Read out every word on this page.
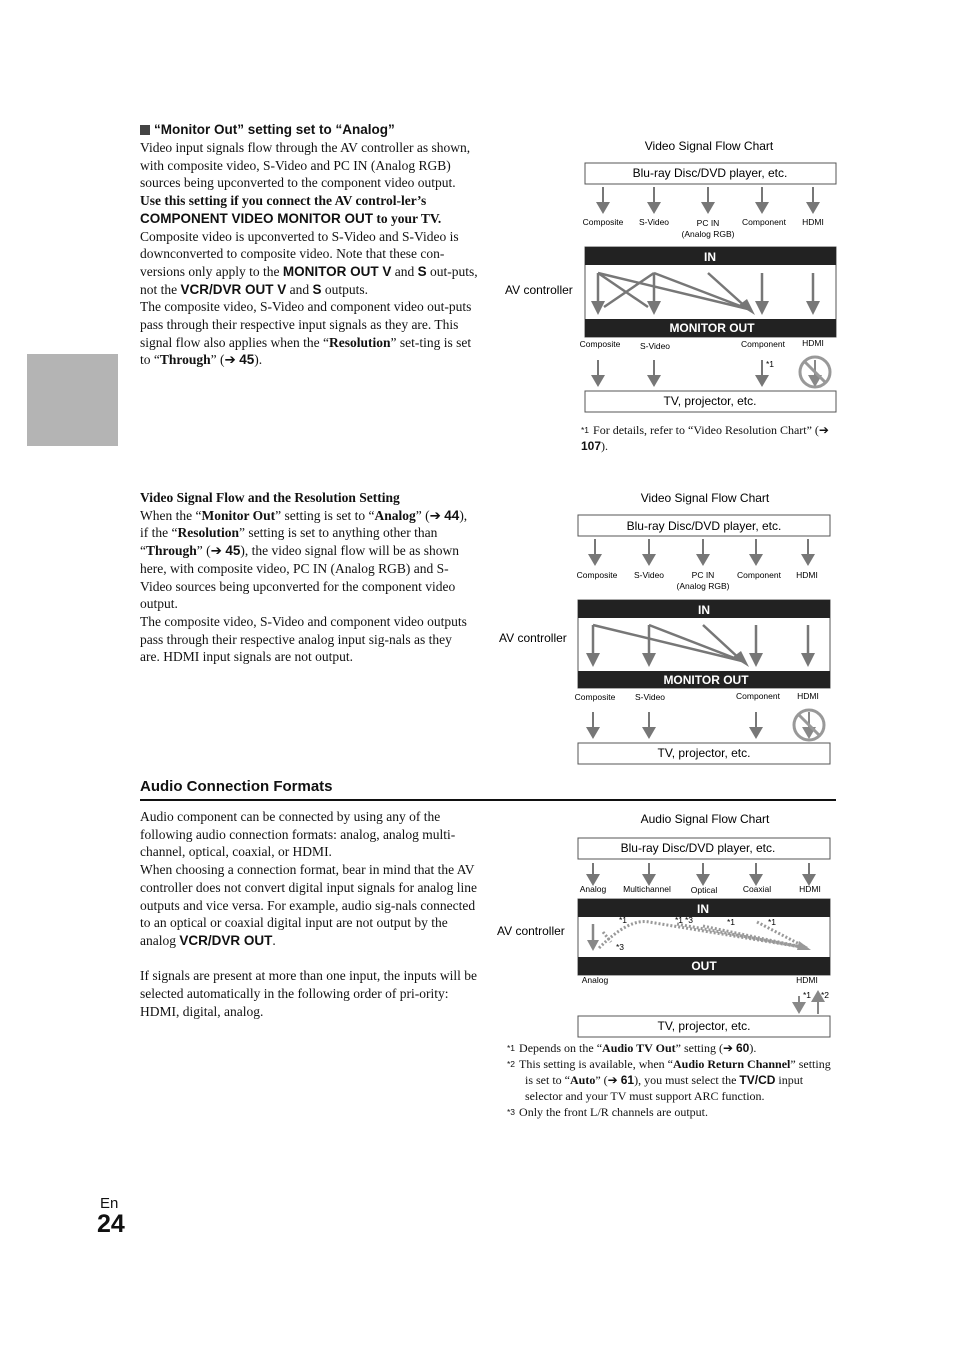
“Monitor Out” setting set to “Analog”

Video input signals flow through the AV controller as shown, with composite video, S-Video and PC IN (Analog RGB) sources being upconverted to the component video output. Use this setting if you connect the AV control-ler’s COMPONENT VIDEO MONITOR OUT to your TV.

Composite video is upconverted to S-Video and S-Video is downconverted to composite video. Note that these con-versions only apply to the MONITOR OUT V and S out-puts, not the VCR/DVR OUT V and S outputs.

The composite video, S-Video and component video out-puts pass through their respective input signals as they are. This signal flow also applies when the “Resolution” set-ting is set to “Through” (➔ 45).

Video Signal Flow and the Resolution Setting

When the “Monitor Out” setting is set to “Analog” (➔ 44), if the “Resolution” setting is set to anything other than “Through” (➔ 45), the video signal flow will be as shown here, with composite video, PC IN (Analog RGB) and S-Video sources being upconverted for the component video output.

The composite video, S-Video and component video outputs pass through their respective analog input sig-nals as they are. HDMI input signals are not output.

Audio Connection Formats

Audio component can be connected by using any of the following audio connection formats: analog, analog multi-channel, optical, coaxial, or HDMI.

When choosing a connection format, bear in mind that the AV controller does not convert digital input signals for analog line outputs and vice versa. For example, audio sig-nals connected to an optical or coaxial digital input are not output by the analog VCR/DVR OUT.

If signals are present at more than one input, the inputs will be selected automatically in the following order of pri-ority: HDMI, digital, analog.

Video Signal Flow Chart
Blu-ray Disc/DVD player, etc.
Composite S-Video	PC IN
(Analog RGB)
Component HDMI
AV controller
IN
MONITOR OUT
Composite S-Video	Component HDMI
*1
TV, projector, etc.
$^{*1}$ For details, refer to “Video Resolution Chart” (➔ 107).
Video Signal Flow Chart
Blu-ray Disc/DVD player, etc.
Composite S-Video	PC IN
(Analog RGB)
Component HDMI
AV controller
IN
MONITOR OUT
Composite S-Video	Component HDMI
TV, projector, etc.
Audio Signal Flow Chart
Blu-ray Disc/DVD player, etc.
Analog Multichannel Optical	Coaxial	HDMI
AV controller
IN
OUT
*1
*3
*1 *3	*1	*1
*1 *2
Analog	HDMI
TV, projector, etc.
$^{*1}$ Depends on the “Audio TV Out” setting (➔ 60).
$^{*2}$ This setting is available, when “Audio Return Channel” setting is set to “Auto” (➔ 61), you must select the TV/CD input selector and your TV must support ARC function.
$^{*3}$ Only the front L/R channels are output.
En
24
